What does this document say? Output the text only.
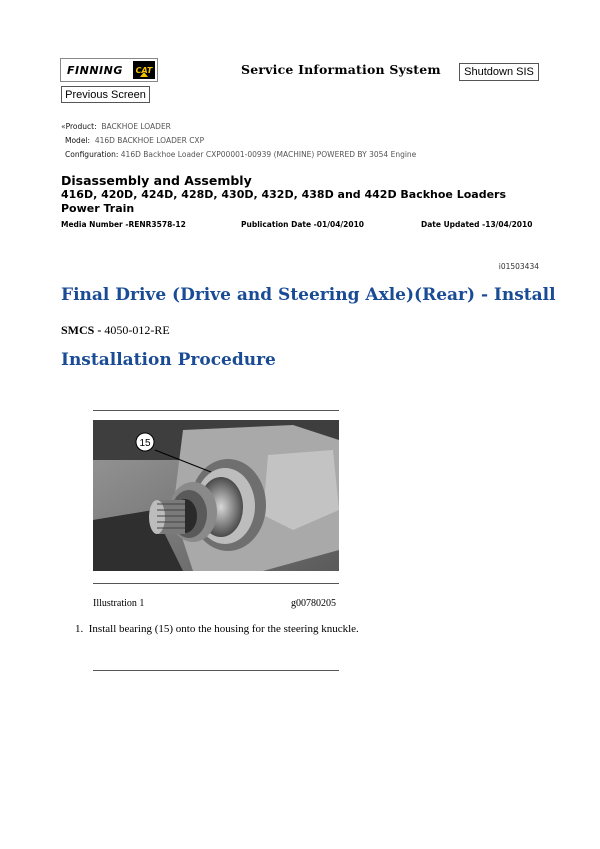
FINNING CAT	Service Information System	Shutdown SIS
Previous Screen
«Product: BACKHOE LOADER
Model: 416D BACKHOE LOADER CXP
Configuration: 416D Backhoe Loader CXP00001-00939 (MACHINE) POWERED BY 3054 Engine
Disassembly and Assembly
416D, 420D, 424D, 428D, 430D, 432D, 438D and 442D Backhoe Loaders Power Train
Media Number -RENR3578-12	Publication Date -01/04/2010	Date Updated -13/04/2010
i01503434
Final Drive (Drive and Steering Axle)(Rear) - Install
SMCS - 4050-012-RE
Installation Procedure
15
Illustration 1	g00780205
1. Install bearing (15) onto the housing for the steering knuckle.
